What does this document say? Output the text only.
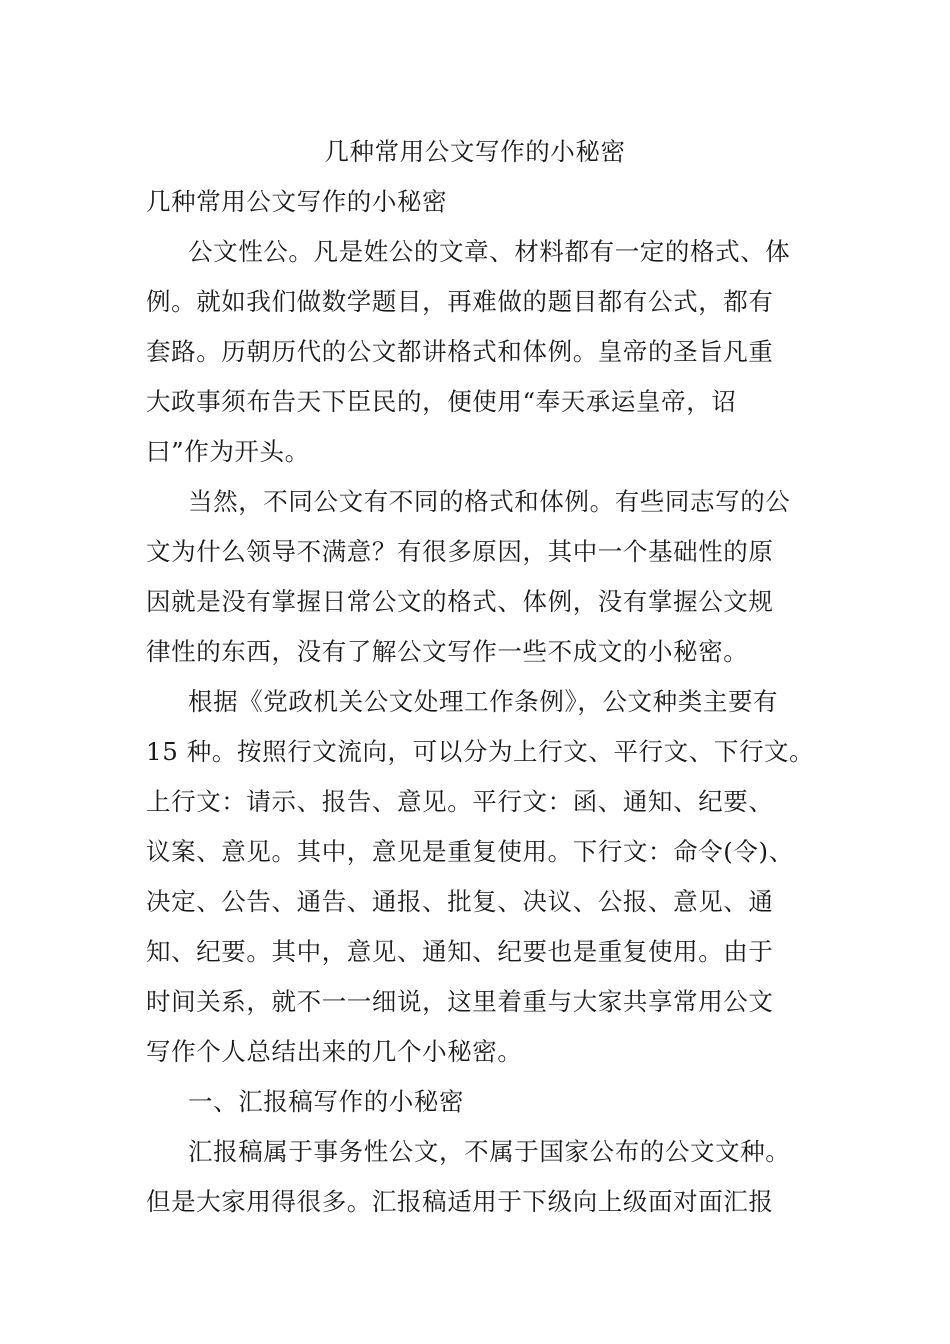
几种常用公文写作的小秘密
几种常用公文写作的小秘密
公文性公。凡是姓公的文章、材料都有一定的格式、体
例。就如我们做数学题目，再难做的题目都有公式，都有
套路。历朝历代的公文都讲格式和体例。皇帝的圣旨凡重
大政事须布告天下臣民的，便使用“奉天承运皇帝，诏
曰”作为开头。
当然，不同公文有不同的格式和体例。有些同志写的公
文为什么领导不满意？有很多原因，其中一个基础性的原
因就是没有掌握日常公文的格式、体例，没有掌握公文规
律性的东西，没有了解公文写作一些不成文的小秘密。
根据《党政机关公文处理工作条例》，公文种类主要有
15 种。按照行文流向，可以分为上行文、平行文、下行文。
上行文：请示、报告、意见。平行文：函、通知、纪要、
议案、意见。其中，意见是重复使用。下行文：命令(令)、
决定、公告、通告、通报、批复、决议、公报、意见、通
知、纪要。其中，意见、通知、纪要也是重复使用。由于
时间关系，就不一一细说，这里着重与大家共享常用公文
写作个人总结出来的几个小秘密。
一、汇报稿写作的小秘密
汇报稿属于事务性公文，不属于国家公布的公文文种。
但是大家用得很多。汇报稿适用于下级向上级面对面汇报
